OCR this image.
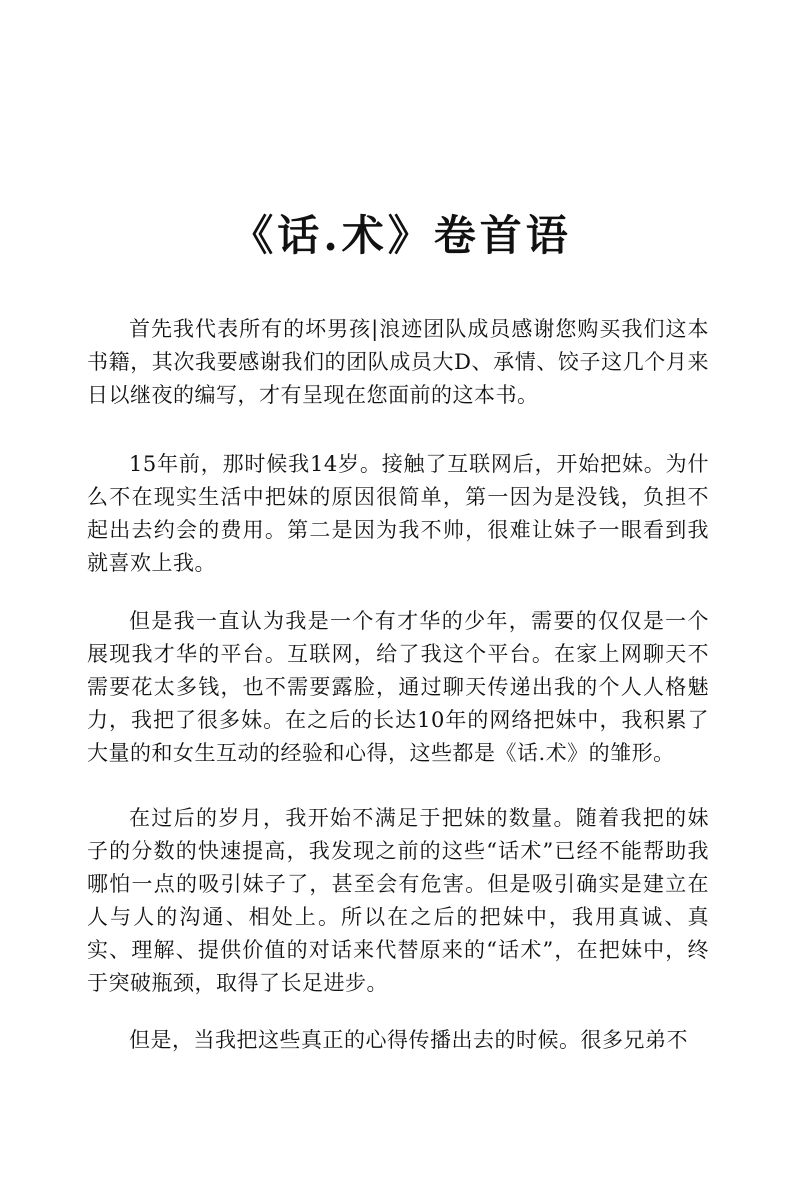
《话.术》卷首语

首先我代表所有的坏男孩|浪迹团队成员感谢您购买我们这本书籍，其次我要感谢我们的团队成员大D、承情、饺子这几个月来日以继夜的编写，才有呈现在您面前的这本书。

15年前，那时候我14岁。接触了互联网后，开始把妹。为什么不在现实生活中把妹的原因很简单，第一因为是没钱，负担不起出去约会的费用。第二是因为我不帅，很难让妹子一眼看到我就喜欢上我。

但是我一直认为我是一个有才华的少年，需要的仅仅是一个展现我才华的平台。互联网，给了我这个平台。在家上网聊天不需要花太多钱，也不需要露脸，通过聊天传递出我的个人人格魅力，我把了很多妹。在之后的长达10年的网络把妹中，我积累了大量的和女生互动的经验和心得，这些都是《话.术》的雏形。

在过后的岁月，我开始不满足于把妹的数量。随着我把的妹子的分数的快速提高，我发现之前的这些“话术”已经不能帮助我哪怕一点的吸引妹子了，甚至会有危害。但是吸引确实是建立在人与人的沟通、相处上。所以在之后的把妹中，我用真诚、真实、理解、提供价值的对话来代替原来的“话术”，在把妹中，终于突破瓶颈，取得了长足进步。

但是，当我把这些真正的心得传播出去的时候。很多兄弟不
